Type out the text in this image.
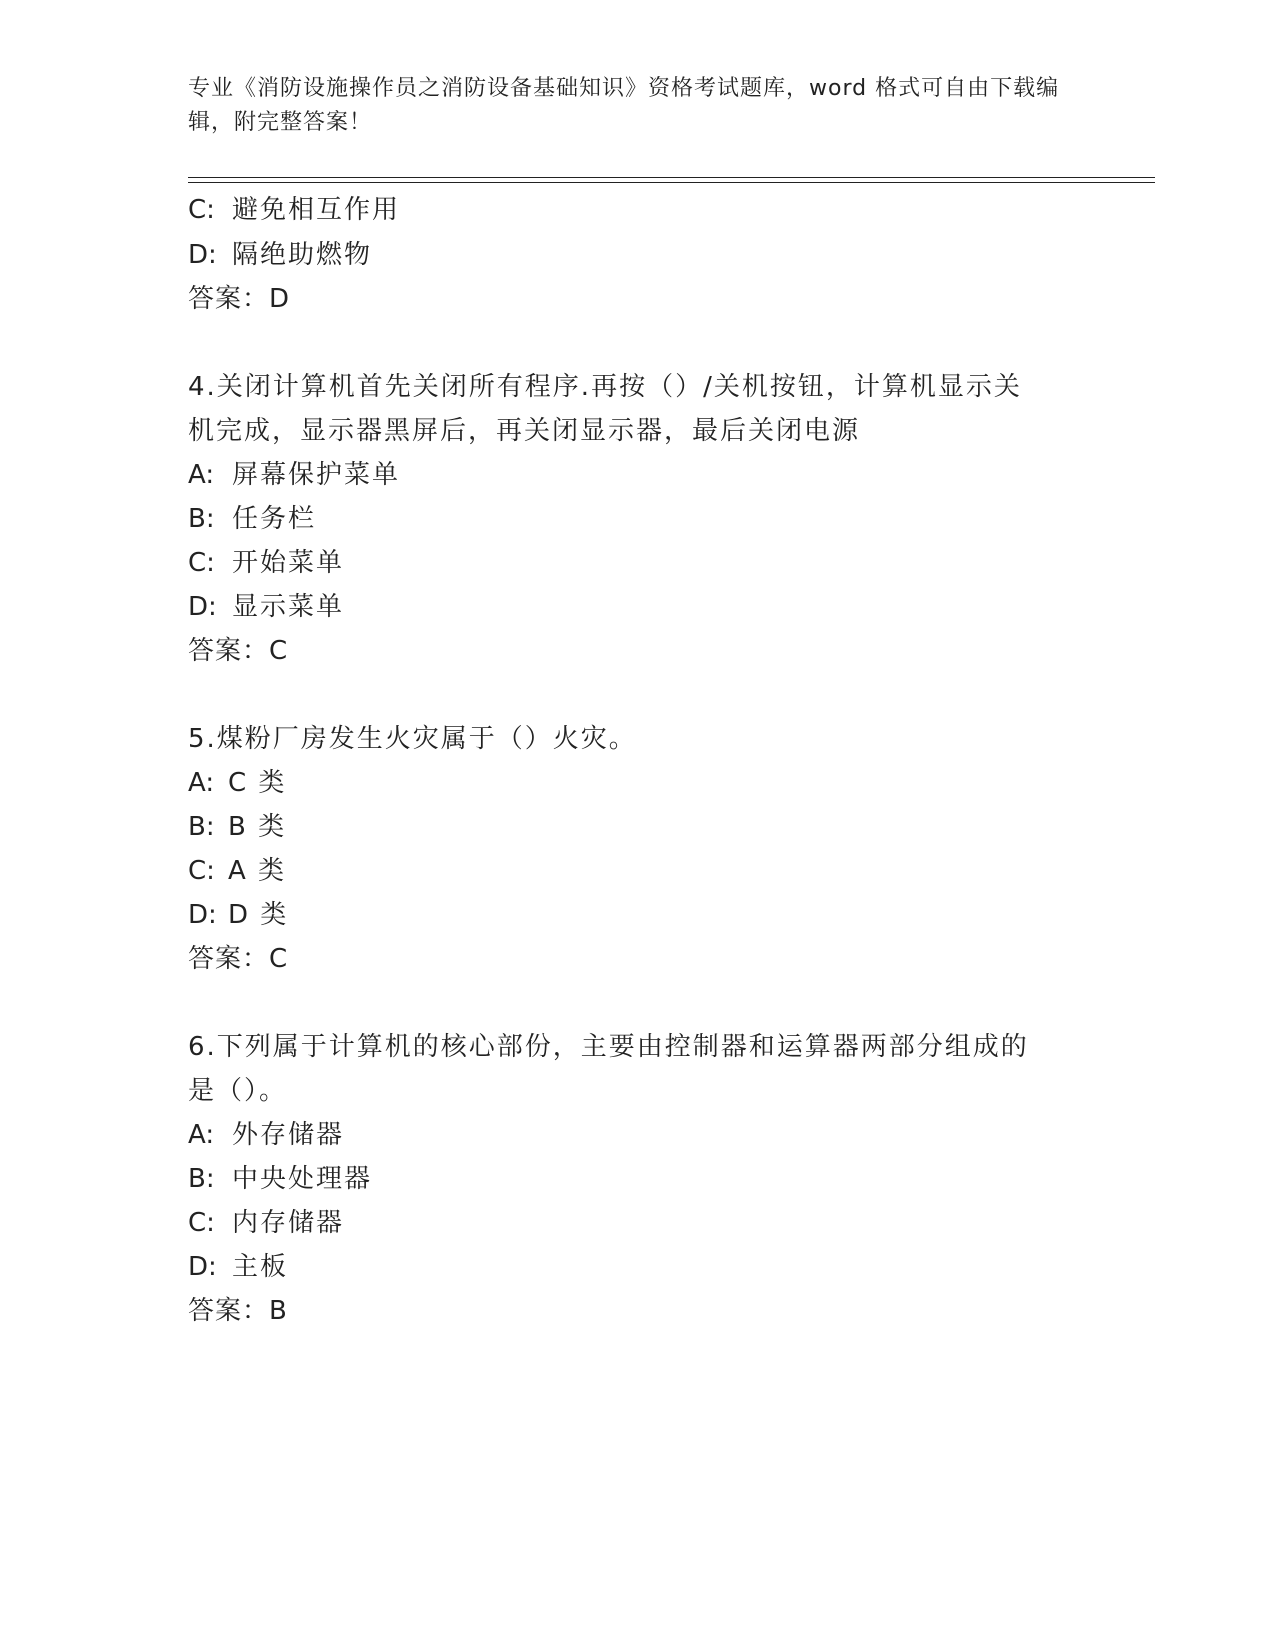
专业《消防设施操作员之消防设备基础知识》资格考试题库，word 格式可自由下载编辑，附完整答案！
C: 避免相互作用
D: 隔绝助燃物
答案：D
4.关闭计算机首先关闭所有程序.再按（）/关机按钮，计算机显示关
机完成，显示器黑屏后，再关闭显示器，最后关闭电源
A: 屏幕保护菜单
B: 任务栏
C: 开始菜单
D: 显示菜单
答案：C
5.煤粉厂房发生火灾属于（）火灾。
A: C 类
B: B 类
C: A 类
D: D 类
答案：C
6.下列属于计算机的核心部份，主要由控制器和运算器两部分组成的
是（）。
A: 外存储器
B: 中央处理器
C: 内存储器
D: 主板
答案：B
